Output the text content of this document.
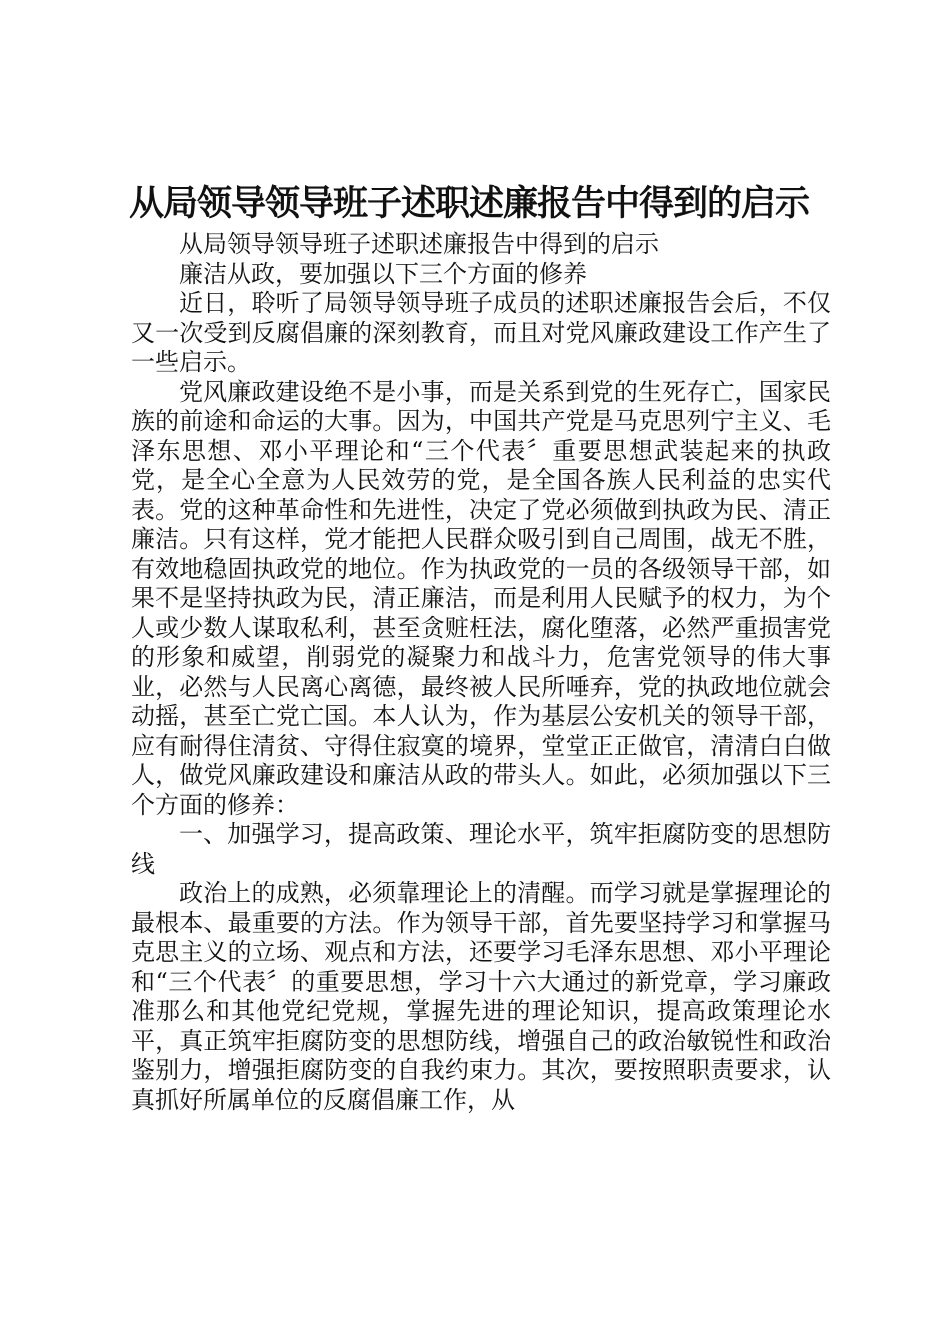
从局领导领导班子述职述廉报告中得到的启示

从局领导领导班子述职述廉报告中得到的启示

廉洁从政，要加强以下三个方面的修养

近日，聆听了局领导领导班子成员的述职述廉报告会后，不仅又一次受到反腐倡廉的深刻教育，而且对党风廉政建设工作产生了一些启示。

党风廉政建设绝不是小事，而是关系到党的生死存亡，国家民族的前途和命运的大事。因为，中国共产党是马克思列宁主义、毛泽东思想、邓小平理论和“三个代表〞重要思想武装起来的执政党，是全心全意为人民效劳的党，是全国各族人民利益的忠实代表。党的这种革命性和先进性，决定了党必须做到执政为民、清正廉洁。只有这样，党才能把人民群众吸引到自己周围，战无不胜，有效地稳固执政党的地位。作为执政党的一员的各级领导干部，如果不是坚持执政为民，清正廉洁，而是利用人民赋予的权力，为个人或少数人谋取私利，甚至贪赃枉法，腐化堕落，必然严重损害党的形象和威望，削弱党的凝聚力和战斗力，危害党领导的伟大事业，必然与人民离心离德，最终被人民所唾弃，党的执政地位就会动摇，甚至亡党亡国。本人认为，作为基层公安机关的领导干部，应有耐得住清贫、守得住寂寞的境界，堂堂正正做官，清清白白做人，做党风廉政建设和廉洁从政的带头人。如此，必须加强以下三个方面的修养：

一、加强学习，提高政策、理论水平，筑牢拒腐防变的思想防线

政治上的成熟，必须靠理论上的清醒。而学习就是掌握理论的最根本、最重要的方法。作为领导干部，首先要坚持学习和掌握马克思主义的立场、观点和方法，还要学习毛泽东思想、邓小平理论和“三个代表〞的重要思想，学习十六大通过的新党章，学习廉政准那么和其他党纪党规，掌握先进的理论知识，提高政策理论水平，真正筑牢拒腐防变的思想防线，增强自己的政治敏锐性和政治鉴别力，增强拒腐防变的自我约束力。其次，要按照职责要求，认真抓好所属单位的反腐倡廉工作，从
